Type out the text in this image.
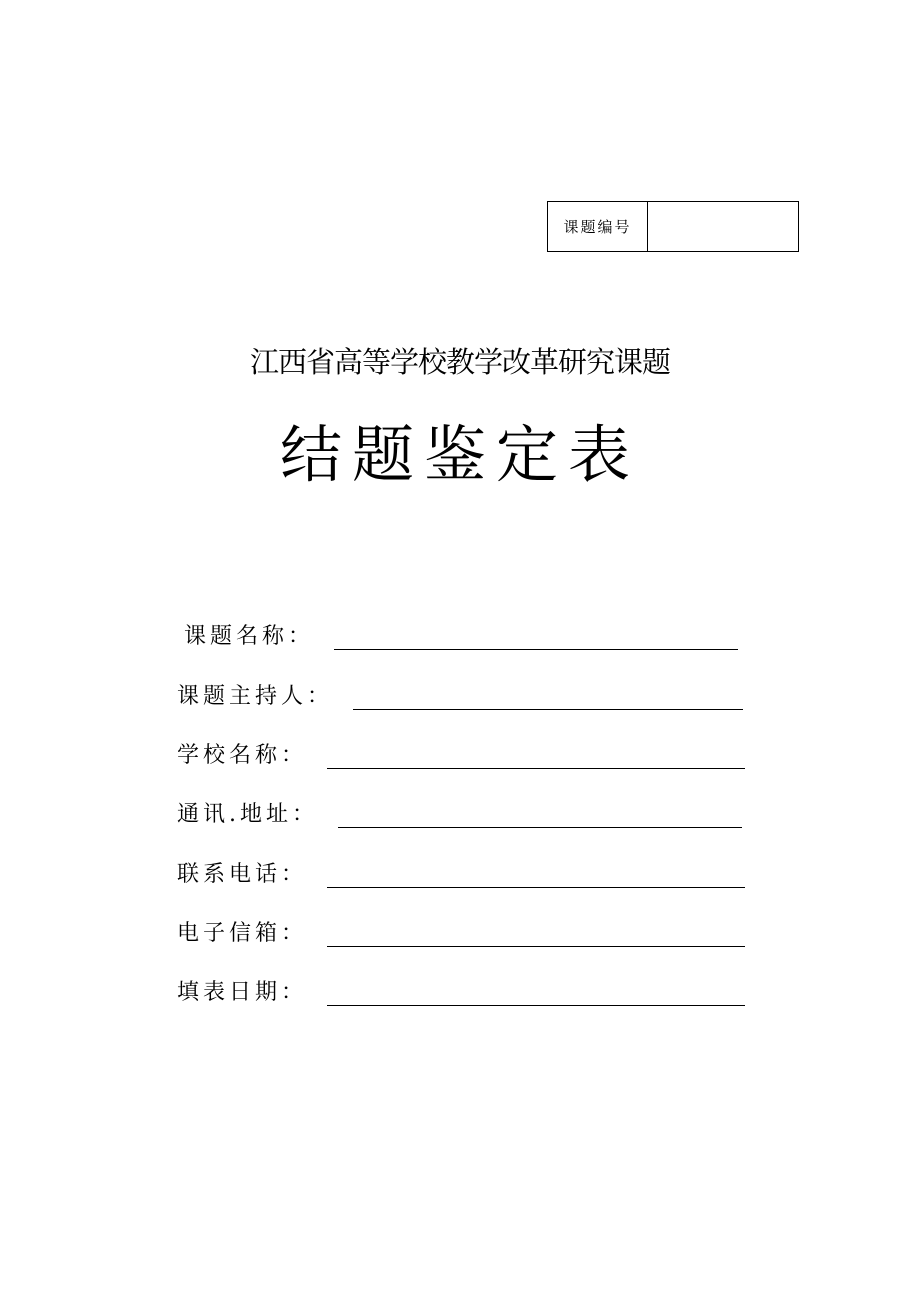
课题编号
江西省高等学校教学改革研究课题
结题鉴定表
课题名称：
课题主持人：
学校名称：
通讯.地址：
联系电话：
电子信箱：
填表日期：
